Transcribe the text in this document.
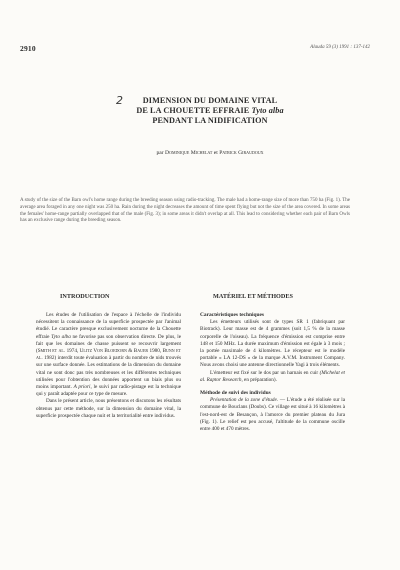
2910	Alauda 59 (3) 1991 : 137-142
2	DIMENSION DU DOMAINE VITAL
DE LA CHOUETTE EFFRAIE Tyto alba
PENDANT LA NIDIFICATION
par Dominique Michelat et Patrick Giraudoux
A study of the size of the Barn owl's home range during the breeding season using radio-tracking. The male had a home-range size of more than 750 ha (Fig. 1). The average area foraged in any one night was 250 ha. Rain during the night decreases the amount of time spent flying but not the size of the area covered. In some areas the females' home-range partially overlapped that of the male (Fig. 3); in some areas it didn't overlap at all. This lead to considering whether each pair of Barn Owls has an exclusive range during the breeding season.
INTRODUCTION	MATÉRIEL ET MÉTHODES

Les études de l'utilisation de l'espace à l'échelle de l'individu nécessitent la connaissance de la superficie prospectée par l'animal étudié. Le caractère presque exclusivement nocturne de la Chouette effraie Tyto alba ne favorise pas son observation directe. De plus, le fait que les domaines de chasse puissent se recouvrir largement (Smith et al. 1974, Ulitz Von Bloedorn & Bauer 1980, Bunn et al. 1982) interdit toute évaluation à partir du nombre de nids trouvés sur une surface donnée. Les estimations de la dimension du domaine vital ne sont donc pas très nombreuses et les différentes techniques utilisées pour l'obtention des données apportent un biais plus ou moins important. A priori, le suivi par radio-pistage est la technique qui y paraît adaptée pour ce type de mesure.

Dans le présent article, nous présentons et discutons les résultats obtenus par cette méthode, sur la dimension du domaine vital, la superficie prospectée chaque nuit et la territorialité entre individus.

Caractéristiques techniques

Les émetteurs utilisés sont de types SR 1 (fabriquant par Biotrack). Leur masse est de 4 grammes (soit 1,5 % de la masse corporelle de l'oiseau). La fréquence d'émission est comprise entre 148 et 150 MHz. La durée maximum d'émission est égale à 3 mois ; la portée maximale de 4 kilomètres. Le récepteur est le modèle portable « LA 12-DS » de la marque A.V.M. Instrument Company. Nous avons choisi une antenne directionnelle Yagi à trois éléments.

L'émetteur est fixé sur le dos par un harnais en cuir (Michelat et al. Raptor Research, en préparation).

Méthode de suivi des individus

Présentation de la zone d'étude. — L'étude a été réalisée sur la commune de Bouclans (Doubs). Ce village est situé à 16 kilomètres à l'est-nord-est de Besançon, à l'amorce du premier plateau du Jura (Fig. 1). Le relief est peu accusé, l'altitude de la commune oscille entre 400 et 470 mètres.
